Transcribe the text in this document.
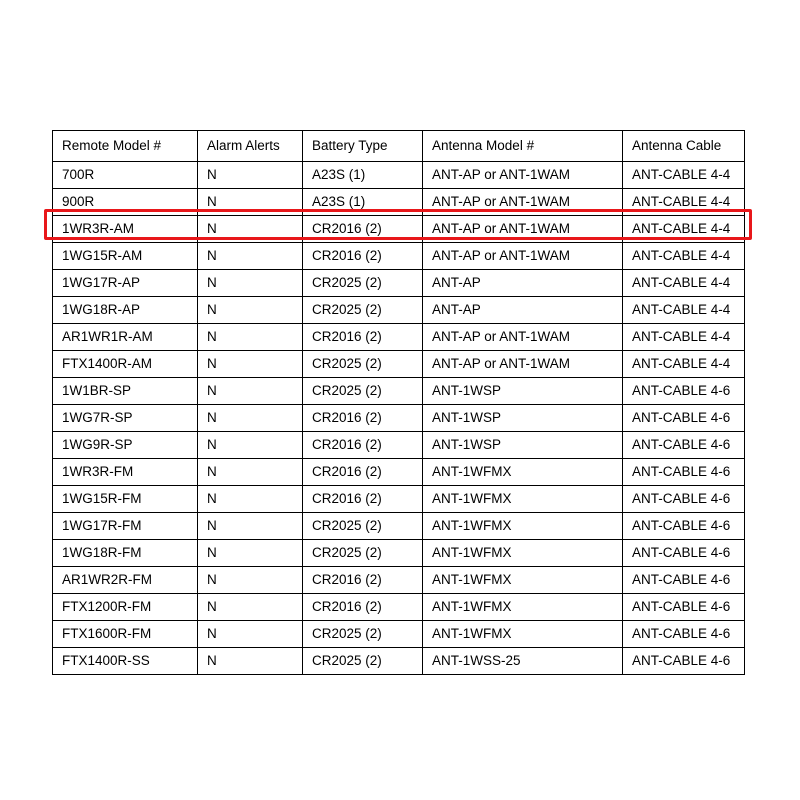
Remote Model #	Alarm Alerts	Battery Type	Antenna Model #	Antenna Cable
700R	N	A23S (1)	ANT-AP or ANT-1WAM	ANT-CABLE 4-4
900R	N	A23S (1)	ANT-AP or ANT-1WAM	ANT-CABLE 4-4
1WR3R-AM	N	CR2016 (2)	ANT-AP or ANT-1WAM	ANT-CABLE 4-4
1WG15R-AM	N	CR2016 (2)	ANT-AP or ANT-1WAM	ANT-CABLE 4-4
1WG17R-AP	N	CR2025 (2)	ANT-AP	ANT-CABLE 4-4
1WG18R-AP	N	CR2025 (2)	ANT-AP	ANT-CABLE 4-4
AR1WR1R-AM	N	CR2016 (2)	ANT-AP or ANT-1WAM	ANT-CABLE 4-4
FTX1400R-AM	N	CR2025 (2)	ANT-AP or ANT-1WAM	ANT-CABLE 4-4
1W1BR-SP	N	CR2025 (2)	ANT-1WSP	ANT-CABLE 4-6
1WG7R-SP	N	CR2016 (2)	ANT-1WSP	ANT-CABLE 4-6
1WG9R-SP	N	CR2016 (2)	ANT-1WSP	ANT-CABLE 4-6
1WR3R-FM	N	CR2016 (2)	ANT-1WFMX	ANT-CABLE 4-6
1WG15R-FM	N	CR2016 (2)	ANT-1WFMX	ANT-CABLE 4-6
1WG17R-FM	N	CR2025 (2)	ANT-1WFMX	ANT-CABLE 4-6
1WG18R-FM	N	CR2025 (2)	ANT-1WFMX	ANT-CABLE 4-6
AR1WR2R-FM	N	CR2016 (2)	ANT-1WFMX	ANT-CABLE 4-6
FTX1200R-FM	N	CR2016 (2)	ANT-1WFMX	ANT-CABLE 4-6
FTX1600R-FM	N	CR2025 (2)	ANT-1WFMX	ANT-CABLE 4-6
FTX1400R-SS	N	CR2025 (2)	ANT-1WSS-25	ANT-CABLE 4-6
